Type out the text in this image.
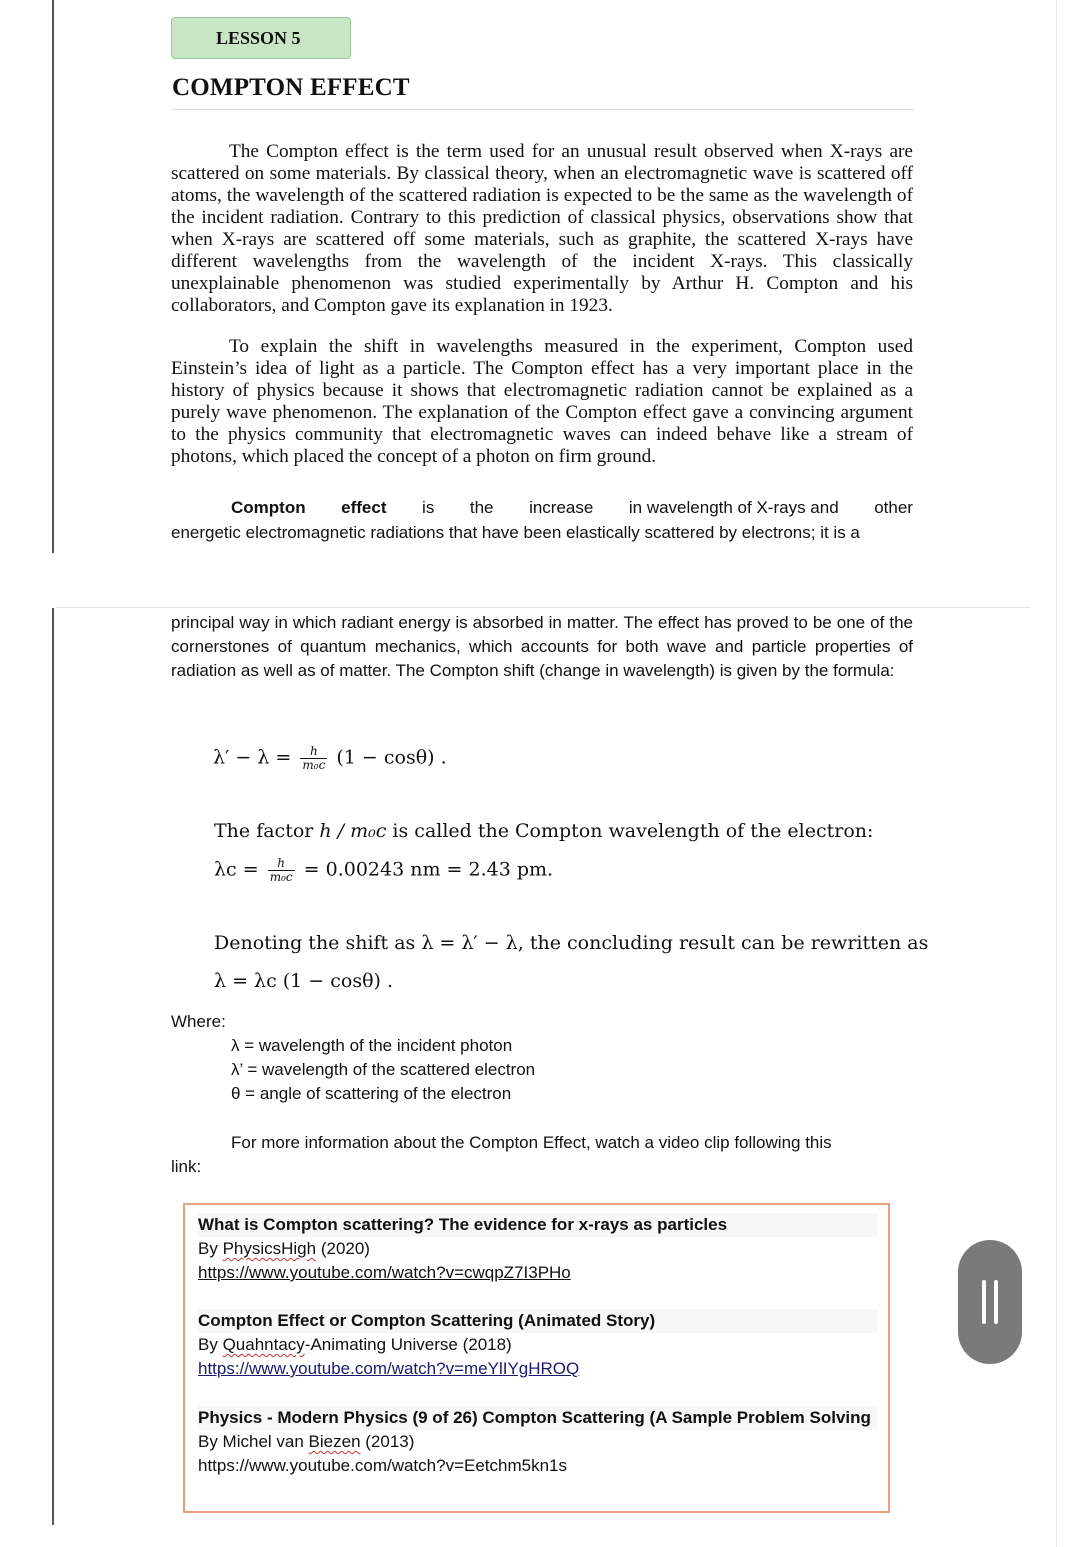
LESSON 5
COMPTON EFFECT

The Compton effect is the term used for an unusual result observed when X-rays are scattered on some materials. By classical theory, when an electromagnetic wave is scattered off atoms, the wavelength of the scattered radiation is expected to be the same as the wavelength of the incident radiation. Contrary to this prediction of classical physics, observations show that when X-rays are scattered off some materials, such as graphite, the scattered X-rays have different wavelengths from the wavelength of the incident X-rays. This classically unexplainable phenomenon was studied experimentally by Arthur H. Compton and his collaborators, and Compton gave its explanation in 1923.

To explain the shift in wavelengths measured in the experiment, Compton used Einstein’s idea of light as a particle. The Compton effect has a very important place in the history of physics because it shows that electromagnetic radiation cannot be explained as a purely wave phenomenon. The explanation of the Compton effect gave a convincing argument to the physics community that electromagnetic waves can indeed behave like a stream of photons, which placed the concept of a photon on firm ground.

Compton effect is the increase in wavelength of X-rays and other

energetic electromagnetic radiations that have been elastically scattered by electrons; it is a

principal way in which radiant energy is absorbed in matter. The effect has proved to be one of the cornerstones of quantum mechanics, which accounts for both wave and particle properties of radiation as well as of matter. The Compton shift (change in wavelength) is given by the formula:

$\lambda' - \lambda = \frac{h}{\text{m₀c}} (1 - \cos\theta)$ .
The factor h / m₀c is called the Compton wavelength of the electron:
$\lambda c = \frac{h}{\text{m₀c}} = 0.00243$ nm = 2.43 pm.
Denoting the shift as λ = λ′ − λ, the concluding result can be rewritten as
λ = λc (1 − cosθ) .
Where:
λ = wavelength of the incident photon
λ’ = wavelength of the scattered electron
θ = angle of scattering of the electron
For more information about the Compton Effect, watch a video clip following this
link:
What is Compton scattering? The evidence for x-rays as particles
By PhysicsHigh (2020)
https://www.youtube.com/watch?v=cwqpZ7I3PHo
Compton Effect or Compton Scattering (Animated Story)
By Quahntacy-Animating Universe (2018)
https://www.youtube.com/watch?v=meYlIYgHROQ
Physics - Modern Physics (9 of 26) Compton Scattering (A Sample Problem Solving
By Michel van Biezen (2013)
https://www.youtube.com/watch?v=Eetchm5kn1s
